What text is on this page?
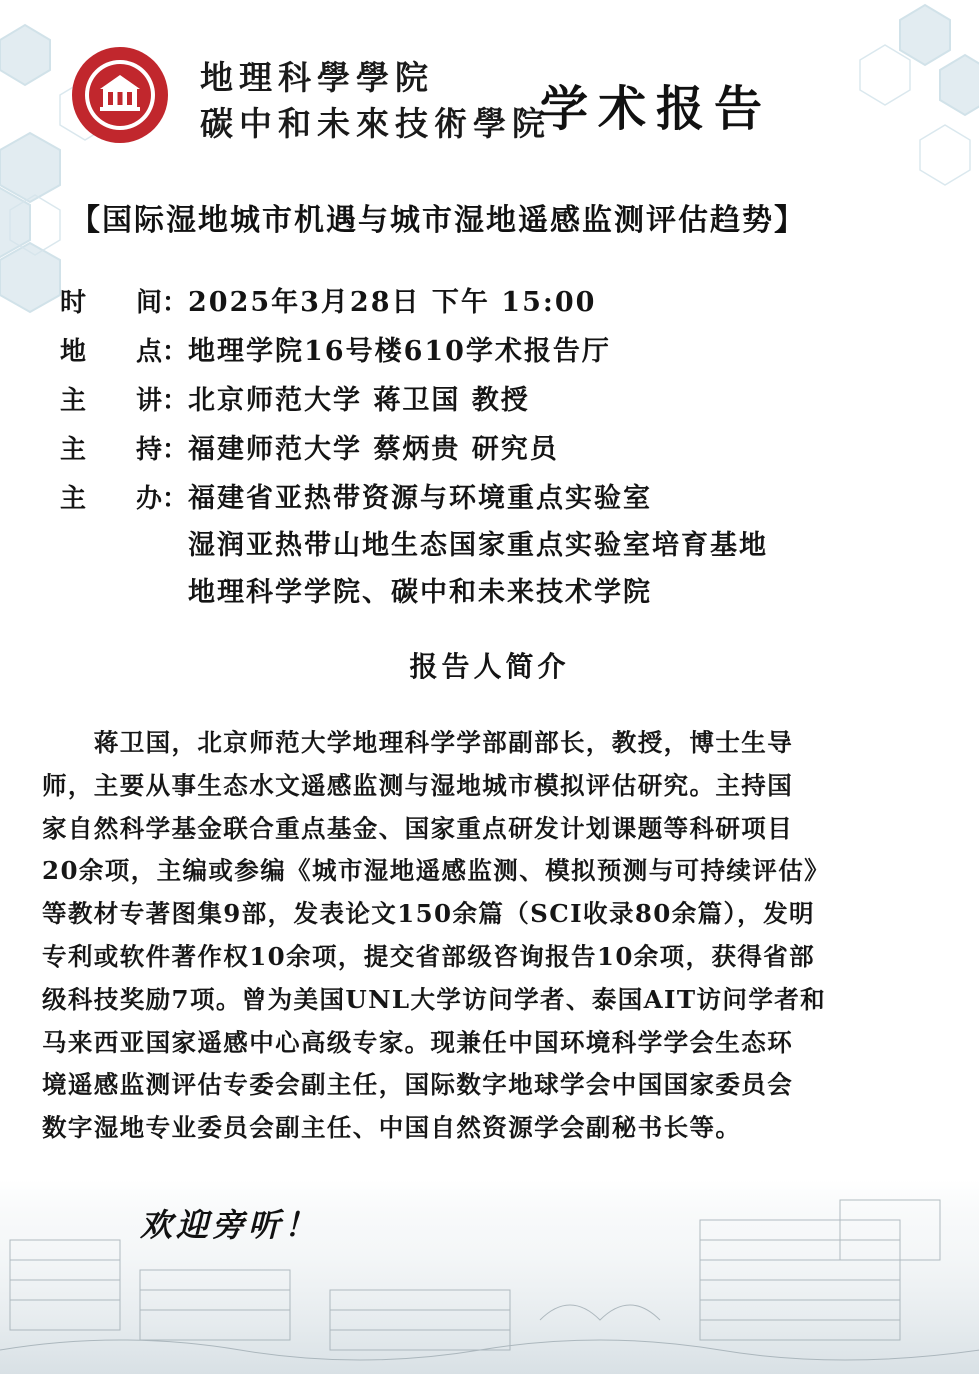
地理科學學院
碳中和未來技術學院
学术报告
【国际湿地城市机遇与城市湿地遥感监测评估趋势】
时 间： 2025年3月28日 下午 15:00
地 点： 地理学院16号楼610学术报告厅
主 讲： 北京师范大学 蒋卫国 教授
主 持： 福建师范大学 蔡炳贵 研究员
主 办： 福建省亚热带资源与环境重点实验室
湿润亚热带山地生态国家重点实验室培育基地
地理科学学院、碳中和未来技术学院
报告人简介
　　蒋卫国，北京师范大学地理科学学部副部长，教授，博士生导
师，主要从事生态水文遥感监测与湿地城市模拟评估研究。主持国
家自然科学基金联合重点基金、国家重点研发计划课题等科研项目
20余项，主编或参编《城市湿地遥感监测、模拟预测与可持续评估》
等教材专著图集9部，发表论文150余篇（SCI收录80余篇），发明
专利或软件著作权10余项，提交省部级咨询报告10余项，获得省部
级科技奖励7项。曾为美国UNL大学访问学者、泰国AIT访问学者和
马来西亚国家遥感中心高级专家。现兼任中国环境科学学会生态环
境遥感监测评估专委会副主任，国际数字地球学会中国国家委员会
数字湿地专业委员会副主任、中国自然资源学会副秘书长等。
欢迎旁听！
